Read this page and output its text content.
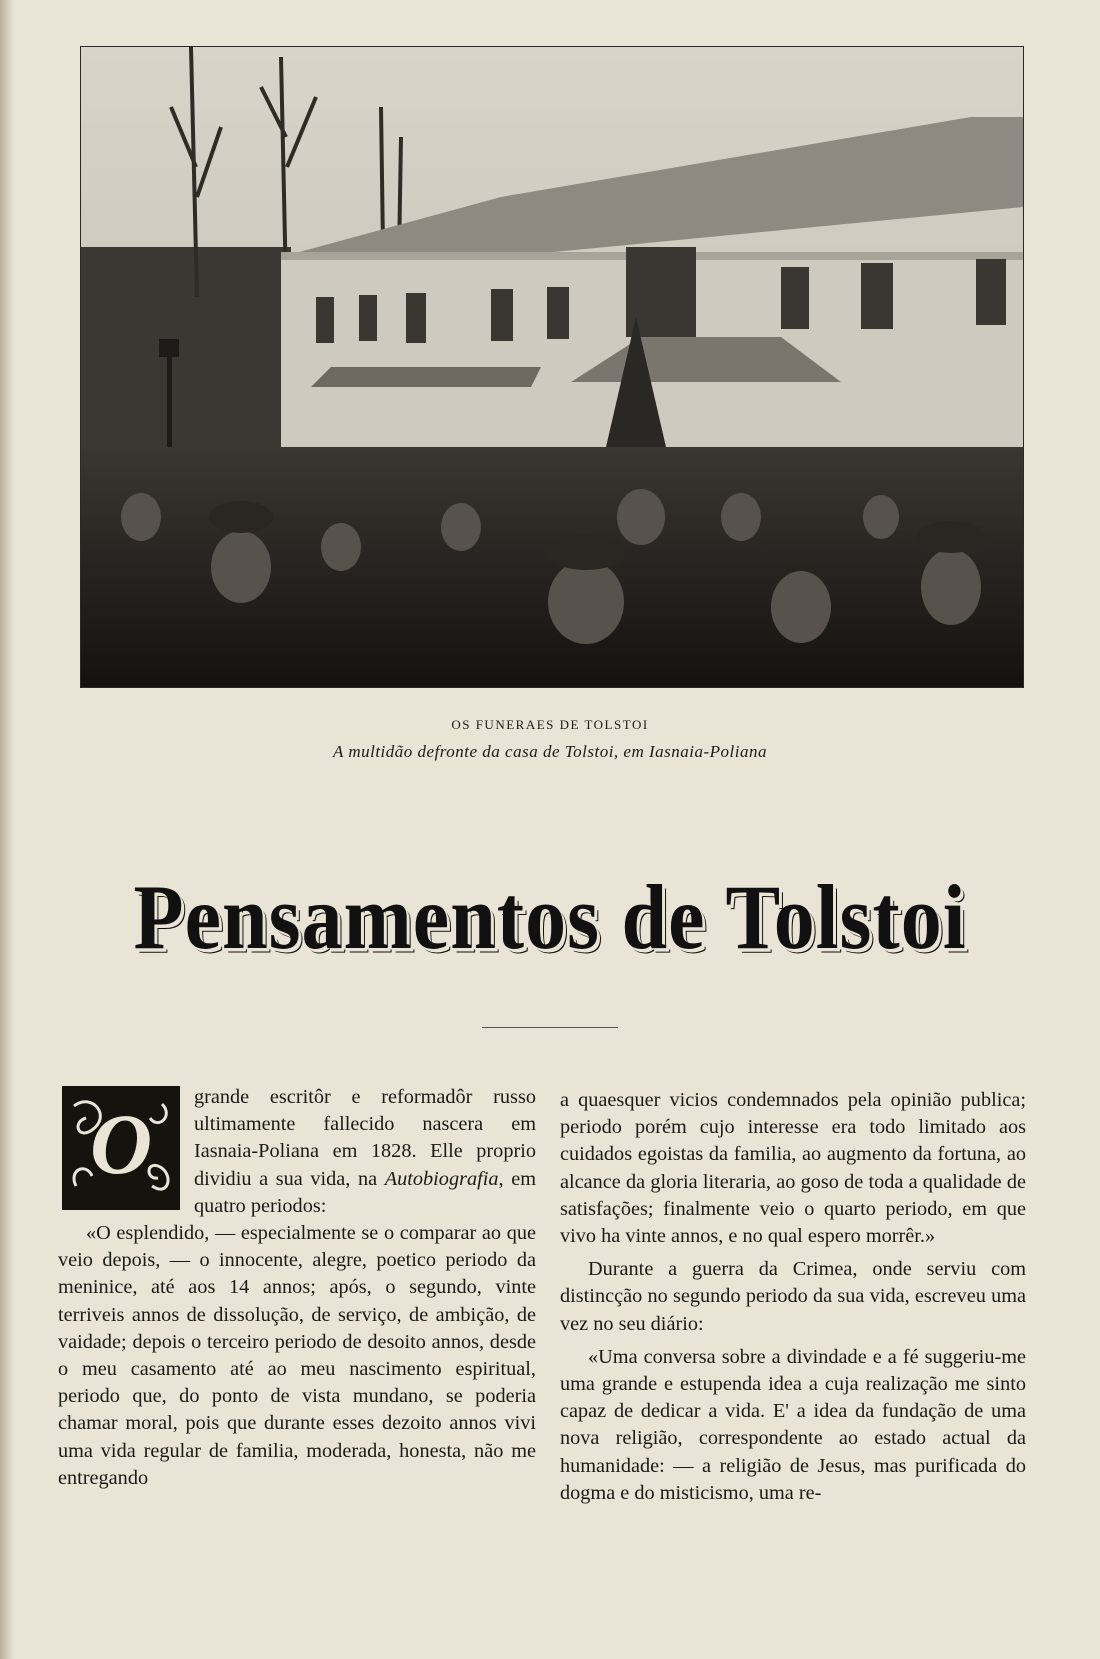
OS FUNERAES DE TOLSTOI
A multidão defronte da casa de Tolstoi, em Iasnaia-Poliana
Pensamentos de Tolstoi
O	grande escritôr e reformadôr russo ultimamente fallecido nascera em Iasnaia-Poliana em 1828. Elle proprio dividiu a sua vida, na Autobiografia, em quatro periodos:

«O esplendido, — especialmente se o comparar ao que veio depois, — o innocente, alegre, poetico periodo da meninice, até aos 14 annos; após, o segundo, vinte terriveis annos de dissolução, de serviço, de ambição, de vaidade; depois o terceiro periodo de desoito annos, desde o meu casamento até ao meu nascimento espiritual, periodo que, do ponto de vista mundano, se poderia chamar moral, pois que durante esses dezoito annos vivi uma vida regular de familia, moderada, honesta, não me entregando

a quaesquer vicios condemnados pela opinião publica; periodo porém cujo interesse era todo limitado aos cuidados egoistas da familia, ao augmento da fortuna, ao alcance da gloria literaria, ao goso de toda a qualidade de satisfações; finalmente veio o quarto periodo, em que vivo ha vinte annos, e no qual espero morrêr.»

Durante a guerra da Crimea, onde serviu com distincção no segundo periodo da sua vida, escreveu uma vez no seu diário:

«Uma conversa sobre a divindade e a fé suggeriu-me uma grande e estupenda idea a cuja realização me sinto capaz de dedicar a vida. E' a idea da fundação de uma nova religião, correspondente ao estado actual da humanidade: — a religião de Jesus, mas purificada do dogma e do misticismo, uma re-
